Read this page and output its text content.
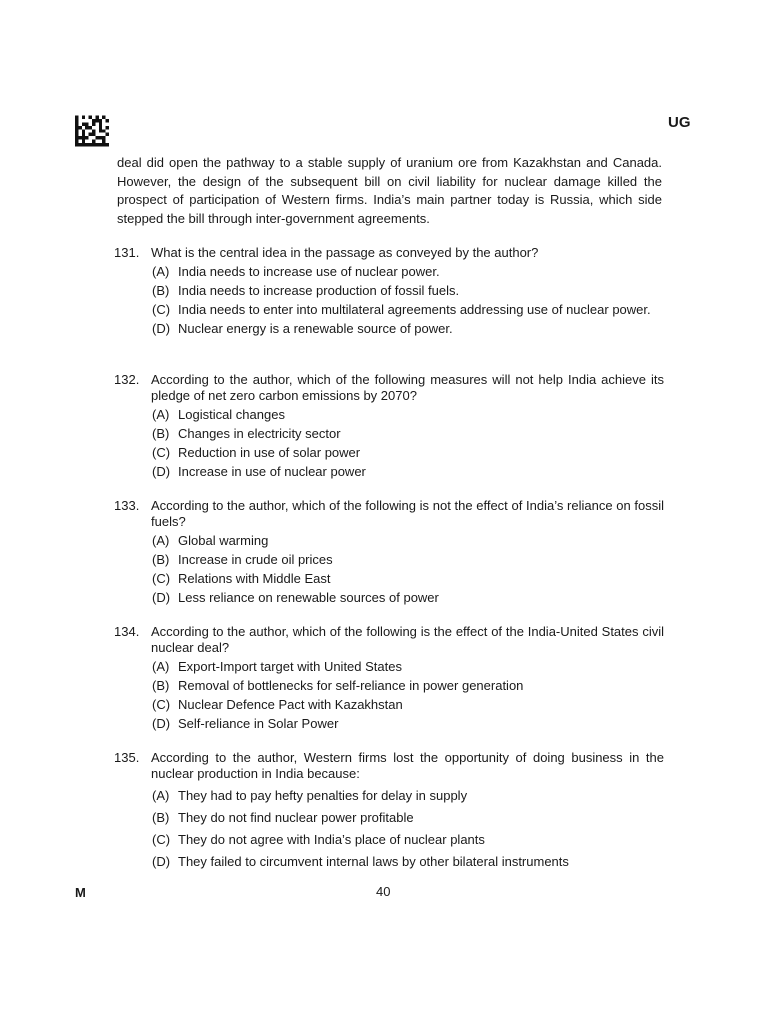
UG

deal did open the pathway to a stable supply of uranium ore from Kazakhstan and Canada. However, the design of the subsequent bill on civil liability for nuclear damage killed the prospect of participation of Western firms. India’s main partner today is Russia, which side stepped the bill through inter-government agreements.

131. What is the central idea in the passage as conveyed by the author?
(A) India needs to increase use of nuclear power.
(B) India needs to increase production of fossil fuels.
(C) India needs to enter into multilateral agreements addressing use of nuclear power.
(D) Nuclear energy is a renewable source of power.
132. According to the author, which of the following measures will not help India achieve its pledge of net zero carbon emissions by 2070?
(A) Logistical changes
(B) Changes in electricity sector
(C) Reduction in use of solar power
(D) Increase in use of nuclear power
133. According to the author, which of the following is not the effect of India’s reliance on fossil fuels?
(A) Global warming
(B) Increase in crude oil prices
(C) Relations with Middle East
(D) Less reliance on renewable sources of power
134. According to the author, which of the following is the effect of the India-United States civil nuclear deal?
(A) Export-Import target with United States
(B) Removal of bottlenecks for self-reliance in power generation
(C) Nuclear Defence Pact with Kazakhstan
(D) Self-reliance in Solar Power
135. According to the author, Western firms lost the opportunity of doing business in the nuclear production in India because:
(A) They had to pay hefty penalties for delay in supply
(B) They do not find nuclear power profitable
(C) They do not agree with India’s place of nuclear plants
(D) They failed to circumvent internal laws by other bilateral instruments
M	40
